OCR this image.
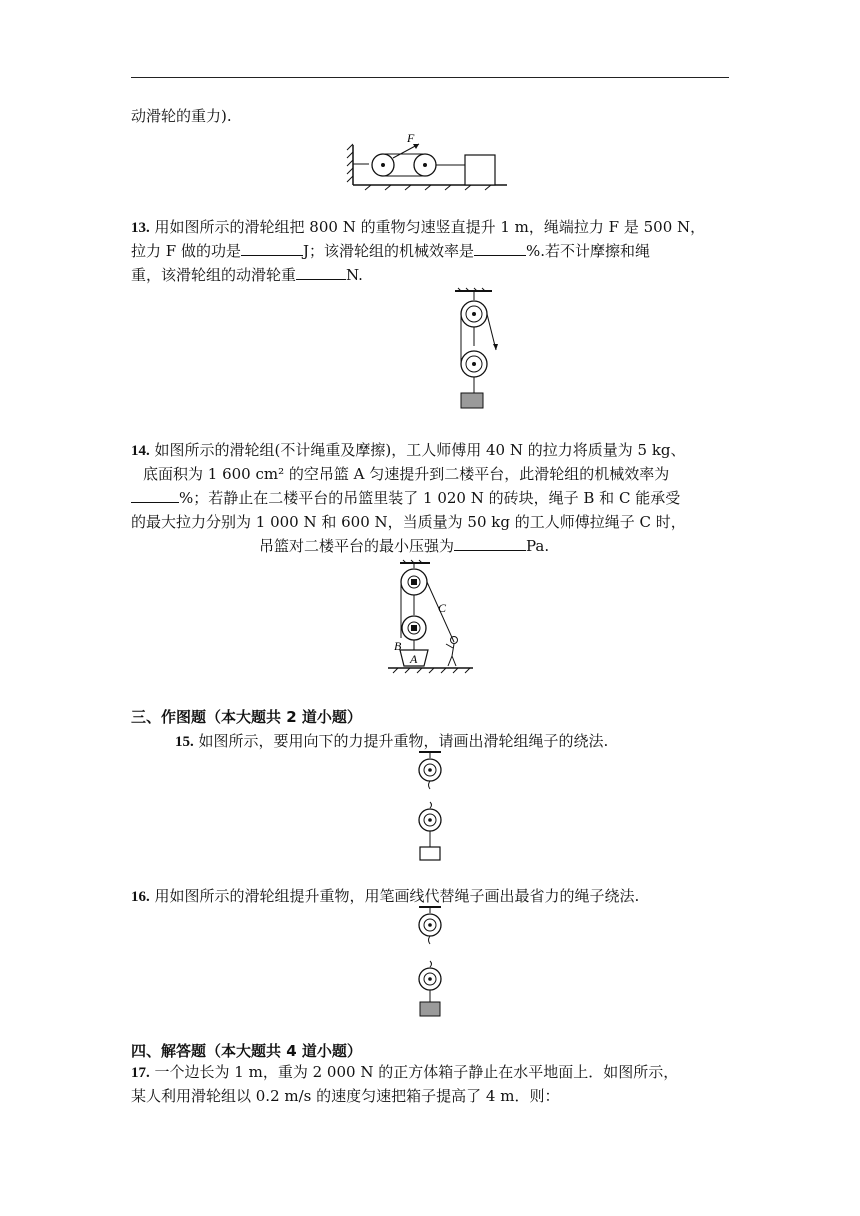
动滑轮的重力).
F
13. 用如图所示的滑轮组把 800 N 的重物匀速竖直提升 1 m，绳端拉力 F 是 500 N，
拉力 F 做的功是	J；该滑轮组的机械效率是	%.若不计摩擦和绳
重，该滑轮组的动滑轮重	N.
14. 如图所示的滑轮组(不计绳重及摩擦)，工人师傅用 40 N 的拉力将质量为 5 kg、
底面积为 1 600 cm² 的空吊篮 A 匀速提升到二楼平台，此滑轮组的机械效率为
%；若静止在二楼平台的吊篮里装了 1 020 N 的砖块，绳子 B 和 C 能承受
的最大拉力分别为 1 000 N 和 600 N，当质量为 50 kg 的工人师傅拉绳子 C 时，
吊篮对二楼平台的最小压强为	Pa.
C
B
A
三、作图题（本大题共 2 道小题）
15. 如图所示，要用向下的力提升重物，请画出滑轮组绳子的绕法.
16. 用如图所示的滑轮组提升重物，用笔画线代替绳子画出最省力的绳子绕法.
四、解答题（本大题共 4 道小题）
17. 一个边长为 1 m，重为 2 000 N 的正方体箱子静止在水平地面上．如图所示，
某人利用滑轮组以 0.2 m/s 的速度匀速把箱子提高了 4 m．则：
